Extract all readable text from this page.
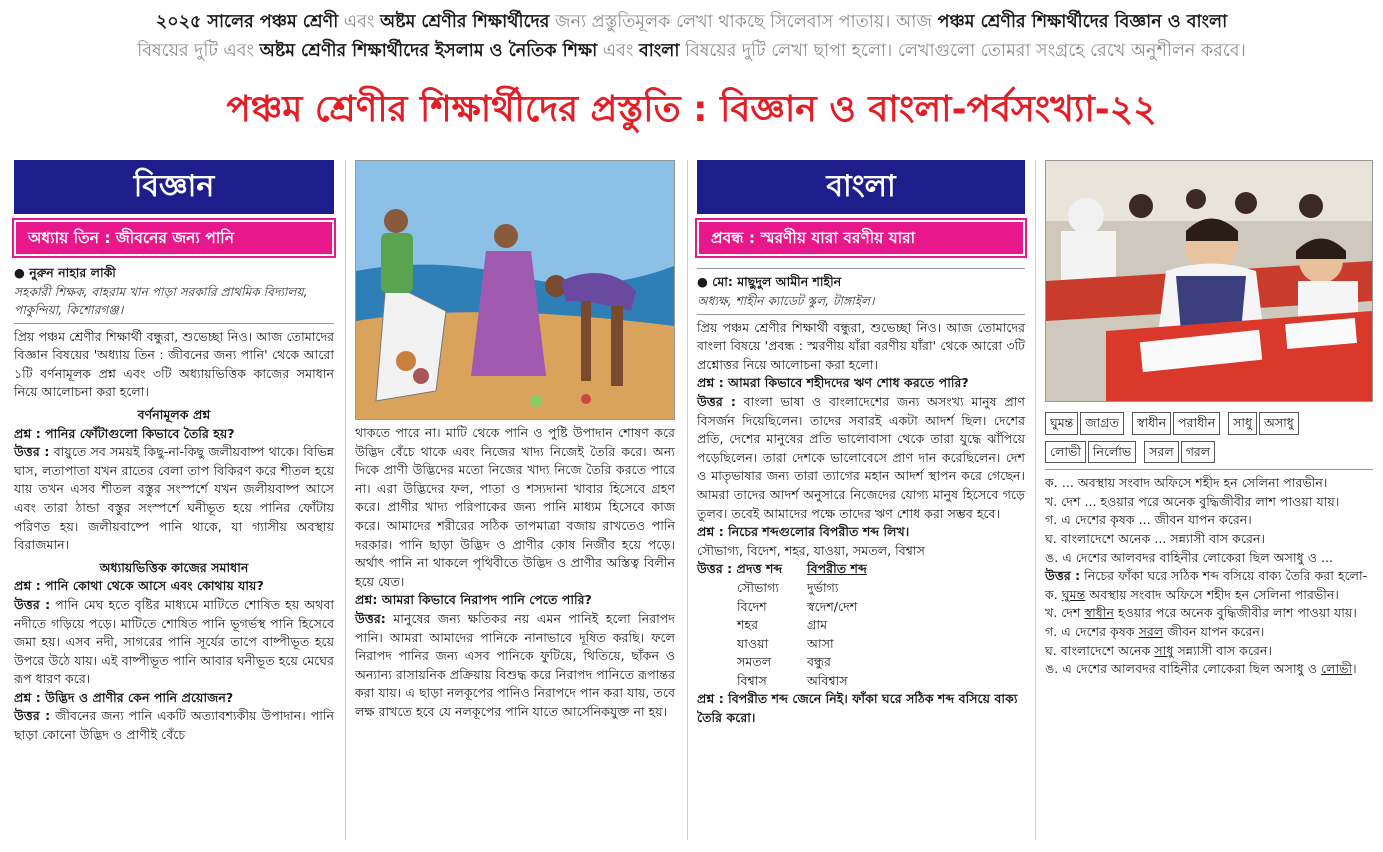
২০২৫ সালের পঞ্চম শ্রেণী এবং অষ্টম শ্রেণীর শিক্ষার্থীদের জন্য প্রস্তুতিমূলক লেখা থাকছে সিলেবাস পাতায়। আজ পঞ্চম শ্রেণীর শিক্ষার্থীদের বিজ্ঞান ও বাংলা
বিষয়ের দুটি এবং অষ্টম শ্রেণীর শিক্ষার্থীদের ইসলাম ও নৈতিক শিক্ষা এবং বাংলা বিষয়ের দুটি লেখা ছাপা হলো। লেখাগুলো তোমরা সংগ্রহে রেখে অনুশীলন করবে।
পঞ্চম শ্রেণীর শিক্ষার্থীদের প্রস্তুতি : বিজ্ঞান ও বাংলা-পর্বসংখ্যা-২২
বিজ্ঞান
অধ্যায় তিন : জীবনের জন্য পানি
● নুরুন নাহার লাকী
সহকারী শিক্ষক, বাহরাম খান পাড়া সরকারি প্রাথমিক বিদ্যালয়, পাকুন্দিয়া, কিশোরগঞ্জ।

প্রিয় পঞ্চম শ্রেণীর শিক্ষার্থী বন্ধুরা, শুভেচ্ছা নিও। আজ তোমাদের বিজ্ঞান বিষয়ের 'অধ্যায় তিন : জীবনের জন্য পানি' থেকে আরো ১টি বর্ণনামূলক প্রশ্ন এবং ৩টি অধ্যায়ভিত্তিক কাজের সমাধান নিয়ে আলোচনা করা হলো।

বর্ণনামূলক প্রশ্ন

প্রশ্ন : পানির ফোঁটাগুলো কিভাবে তৈরি হয়?

উত্তর : বায়ুতে সব সময়ই কিছু-না-কিছু জলীয়বাষ্প থাকে। বিভিন্ন ঘাস, লতাপাতা যখন রাতের বেলা তাপ বিকিরণ করে শীতল হয়ে যায় তখন এসব শীতল বস্তুর সংস্পর্শে যখন জলীয়বাষ্প আসে এবং তারা ঠান্ডা বস্তুর সংস্পর্শে ঘনীভূত হয়ে পানির ফোঁটায় পরিণত হয়। জলীয়বাষ্পে পানি থাকে, যা গ্যাসীয় অবস্থায় বিরাজমান।

অধ্যায়ভিত্তিক কাজের সমাধান

প্রশ্ন : পানি কোথা থেকে আসে এবং কোথায় যায়?

উত্তর : পানি মেঘ হতে বৃষ্টির মাধ্যমে মাটিতে শোষিত হয় অথবা নদীতে গড়িয়ে পড়ে। মাটিতে শোষিত পানি ভূগর্ভস্থ পানি হিসেবে জমা হয়। এসব নদী, সাগরের পানি সূর্যের তাপে বাষ্পীভূত হয়ে উপরে উঠে যায়। এই বাষ্পীভূত পানি আবার ঘনীভূত হয়ে মেঘের রূপ ধারণ করে।

প্রশ্ন : উদ্ভিদ ও প্রাণীর কেন পানি প্রয়োজন?

উত্তর : জীবনের জন্য পানি একটি অত্যাবশ্যকীয় উপাদান। পানি ছাড়া কোনো উদ্ভিদ ও প্রাণীই বেঁচে

থাকতে পারে না। মাটি থেকে পানি ও পুষ্টি উপাদান শোষণ করে উদ্ভিদ বেঁচে থাকে এবং নিজের খাদ্য নিজেই তৈরি করে। অন্য দিকে প্রাণী উদ্ভিদের মতো নিজের খাদ্য নিজে তৈরি করতে পারে না। এরা উদ্ভিদের ফল, পাতা ও শস্যদানা খাবার হিসেবে গ্রহণ করে। প্রাণীর খাদ্য পরিপাকের জন্য পানি মাধ্যম হিসেবে কাজ করে। আমাদের শরীরের সঠিক তাপমাত্রা বজায় রাখতেও পানি দরকার। পানি ছাড়া উদ্ভিদ ও প্রাণীর কোষ নির্জীব হয়ে পড়ে। অর্থাৎ পানি না থাকলে পৃথিবীতে উদ্ভিদ ও প্রাণীর অস্তিত্ব বিলীন হয়ে যেত।

প্রশ্ন: আমরা কিভাবে নিরাপদ পানি পেতে পারি?

উত্তর: মানুষের জন্য ক্ষতিকর নয় এমন পানিই হলো নিরাপদ পানি। আমরা আমাদের পানিকে নানাভাবে দূষিত করছি। ফলে নিরাপদ পানির জন্য এসব পানিকে ফুটিয়ে, থিতিয়ে, ছাঁকন ও অন্যান্য রাসায়নিক প্রক্রিয়ায় বিশুদ্ধ করে নিরাপদ পানিতে রূপান্তর করা যায়। এ ছাড়া নলকূপের পানিও নিরাপদে পান করা যায়, তবে লক্ষ রাখতে হবে যে নলকূপের পানি যাতে আর্সেনিকযুক্ত না হয়।

বাংলা
প্রবন্ধ : স্মরণীয় যারা বরণীয় যারা
● মো: মাছুদুল আমীন শাহীন
অধ্যক্ষ, শাহীন ক্যাডেট স্কুল, টাঙ্গাইল।

প্রিয় পঞ্চম শ্রেণীর শিক্ষার্থী বন্ধুরা, শুভেচ্ছা নিও। আজ তোমাদের বাংলা বিষয়ে 'প্রবন্ধ : স্মরণীয় যাঁরা বরণীয় যাঁরা' থেকে আরো ৩টি প্রশ্নোত্তর নিয়ে আলোচনা করা হলো।

প্রশ্ন : আমরা কিভাবে শহীদদের ঋণ শোধ করতে পারি?

উত্তর : বাংলা ভাষা ও বাংলাদেশের জন্য অসংখ্য মানুষ প্রাণ বিসর্জন দিয়েছিলেন। তাদের সবারই একটা আদর্শ ছিল। দেশের প্রতি, দেশের মানুষের প্রতি ভালোবাসা থেকে তারা যুদ্ধে ঝাঁপিয়ে পড়েছিলেন। তারা দেশকে ভালোবেসে প্রাণ দান করেছিলেন। দেশ ও মাতৃভাষার জন্য তারা ত্যাগের মহান আদর্শ স্থাপন করে গেছেন। আমরা তাদের আদর্শ অনুসারে নিজেদের যোগ্য মানুষ হিসেবে গড়ে তুলব। তবেই আমাদের পক্ষে তাদের ঋণ শোধ করা সম্ভব হবে।

প্রশ্ন : নিচের শব্দগুলোর বিপরীত শব্দ লিখ।

সৌভাগ্য, বিদেশ, শহর, যাওয়া, সমতল, বিশ্বাস

উত্তর : প্রদত্ত শব্দ	বিপরীত শব্দ
সৌভাগ্য	দুর্ভাগ্য
বিদেশ	স্বদেশ/দেশ
শহর	গ্রাম
যাওয়া	আসা
সমতল	বন্ধুর
বিশ্বাস	অবিশ্বাস

প্রশ্ন : বিপরীত শব্দ জেনে নিই। ফাঁকা ঘরে সঠিক শব্দ বসিয়ে বাক্য তৈরি করো।

ঘুমন্ত জাগ্রত স্বাধীন পরাধীন সাধু অসাধু
লোভী নির্লোভ সরল গরল

ক. ... অবস্থায় সংবাদ অফিসে শহীদ হন সেলিনা পারভীন।

খ. দেশ ... হওয়ার পরে অনেক বুদ্ধিজীবীর লাশ পাওয়া যায়।

গ. এ দেশের কৃষক ... জীবন যাপন করেন।

ঘ. বাংলাদেশে অনেক ... সন্ন্যাসী বাস করেন।

ঙ. এ দেশের আলবদর বাহিনীর লোকেরা ছিল অসাধু ও ...

উত্তর : নিচের ফাঁকা ঘরে সঠিক শব্দ বসিয়ে বাক্য তৈরি করা হলো-

ক. ঘুমন্ত অবস্থায় সংবাদ অফিসে শহীদ হন সেলিনা পারভীন।

খ. দেশ স্বাধীন হওয়ার পরে অনেক বুদ্ধিজীবীর লাশ পাওয়া যায়।

গ. এ দেশের কৃষক সরল জীবন যাপন করেন।

ঘ. বাংলাদেশে অনেক সাধু সন্ন্যাসী বাস করেন।

ঙ. এ দেশের আলবদর বাহিনীর লোকেরা ছিল অসাধু ও লোভী।
